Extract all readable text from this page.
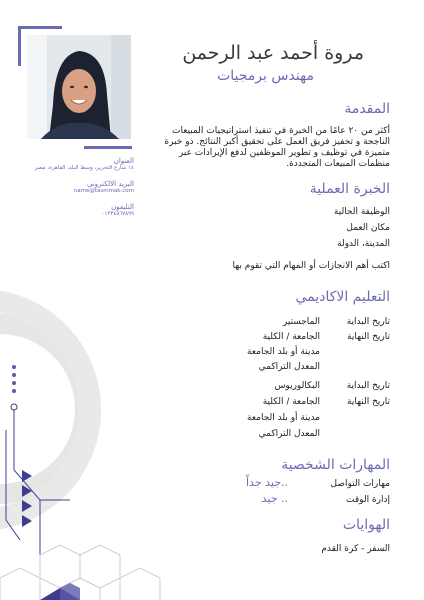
مروة أحمد عبد الرحمن
مهندس برمجيات
العنوان
١٤ شارع التحرير، وسط البلد، القاهرة، مصر
البريد الالكتروني
name@tasmmak.com
التليفون
٠١٢٣٤٥٦٧٨٩٩
المقدمة
أكثر من ٢٠ عامًا من الخبرة في تنفيذ استراتيجيات المبيعات
الناجحة و تحفيز فريق العمل على تحقيق أكبر النتائج. ذو خبرة
متميزة في توظيف و تطوير الموظفين لدفع الإيرادات عبر
منظمات المبيعات المتجددة.
الخبرة العملية
الوظيفة الحالية
مكان العمل
المدينة، الدولة
اكتب أهم الانجازات أو المهام التي تقوم بها
التعليم الاكاديمي
تاريخ البداية
تاريخ النهاية
الماجستير
الجامعة / الكلية
مدينة أو بلد الجامعة
المعدل التراكمي
تاريخ البداية
تاريخ النهاية
البكالوريوس
الجامعة / الكلية
مدينة أو بلد الجامعة
المعدل التراكمي
المهارات الشخصية
مهارات التواصل
..جيد جداً
إدارة الوقت
.. جيد
الهوايات
السفر - كرة القدم
